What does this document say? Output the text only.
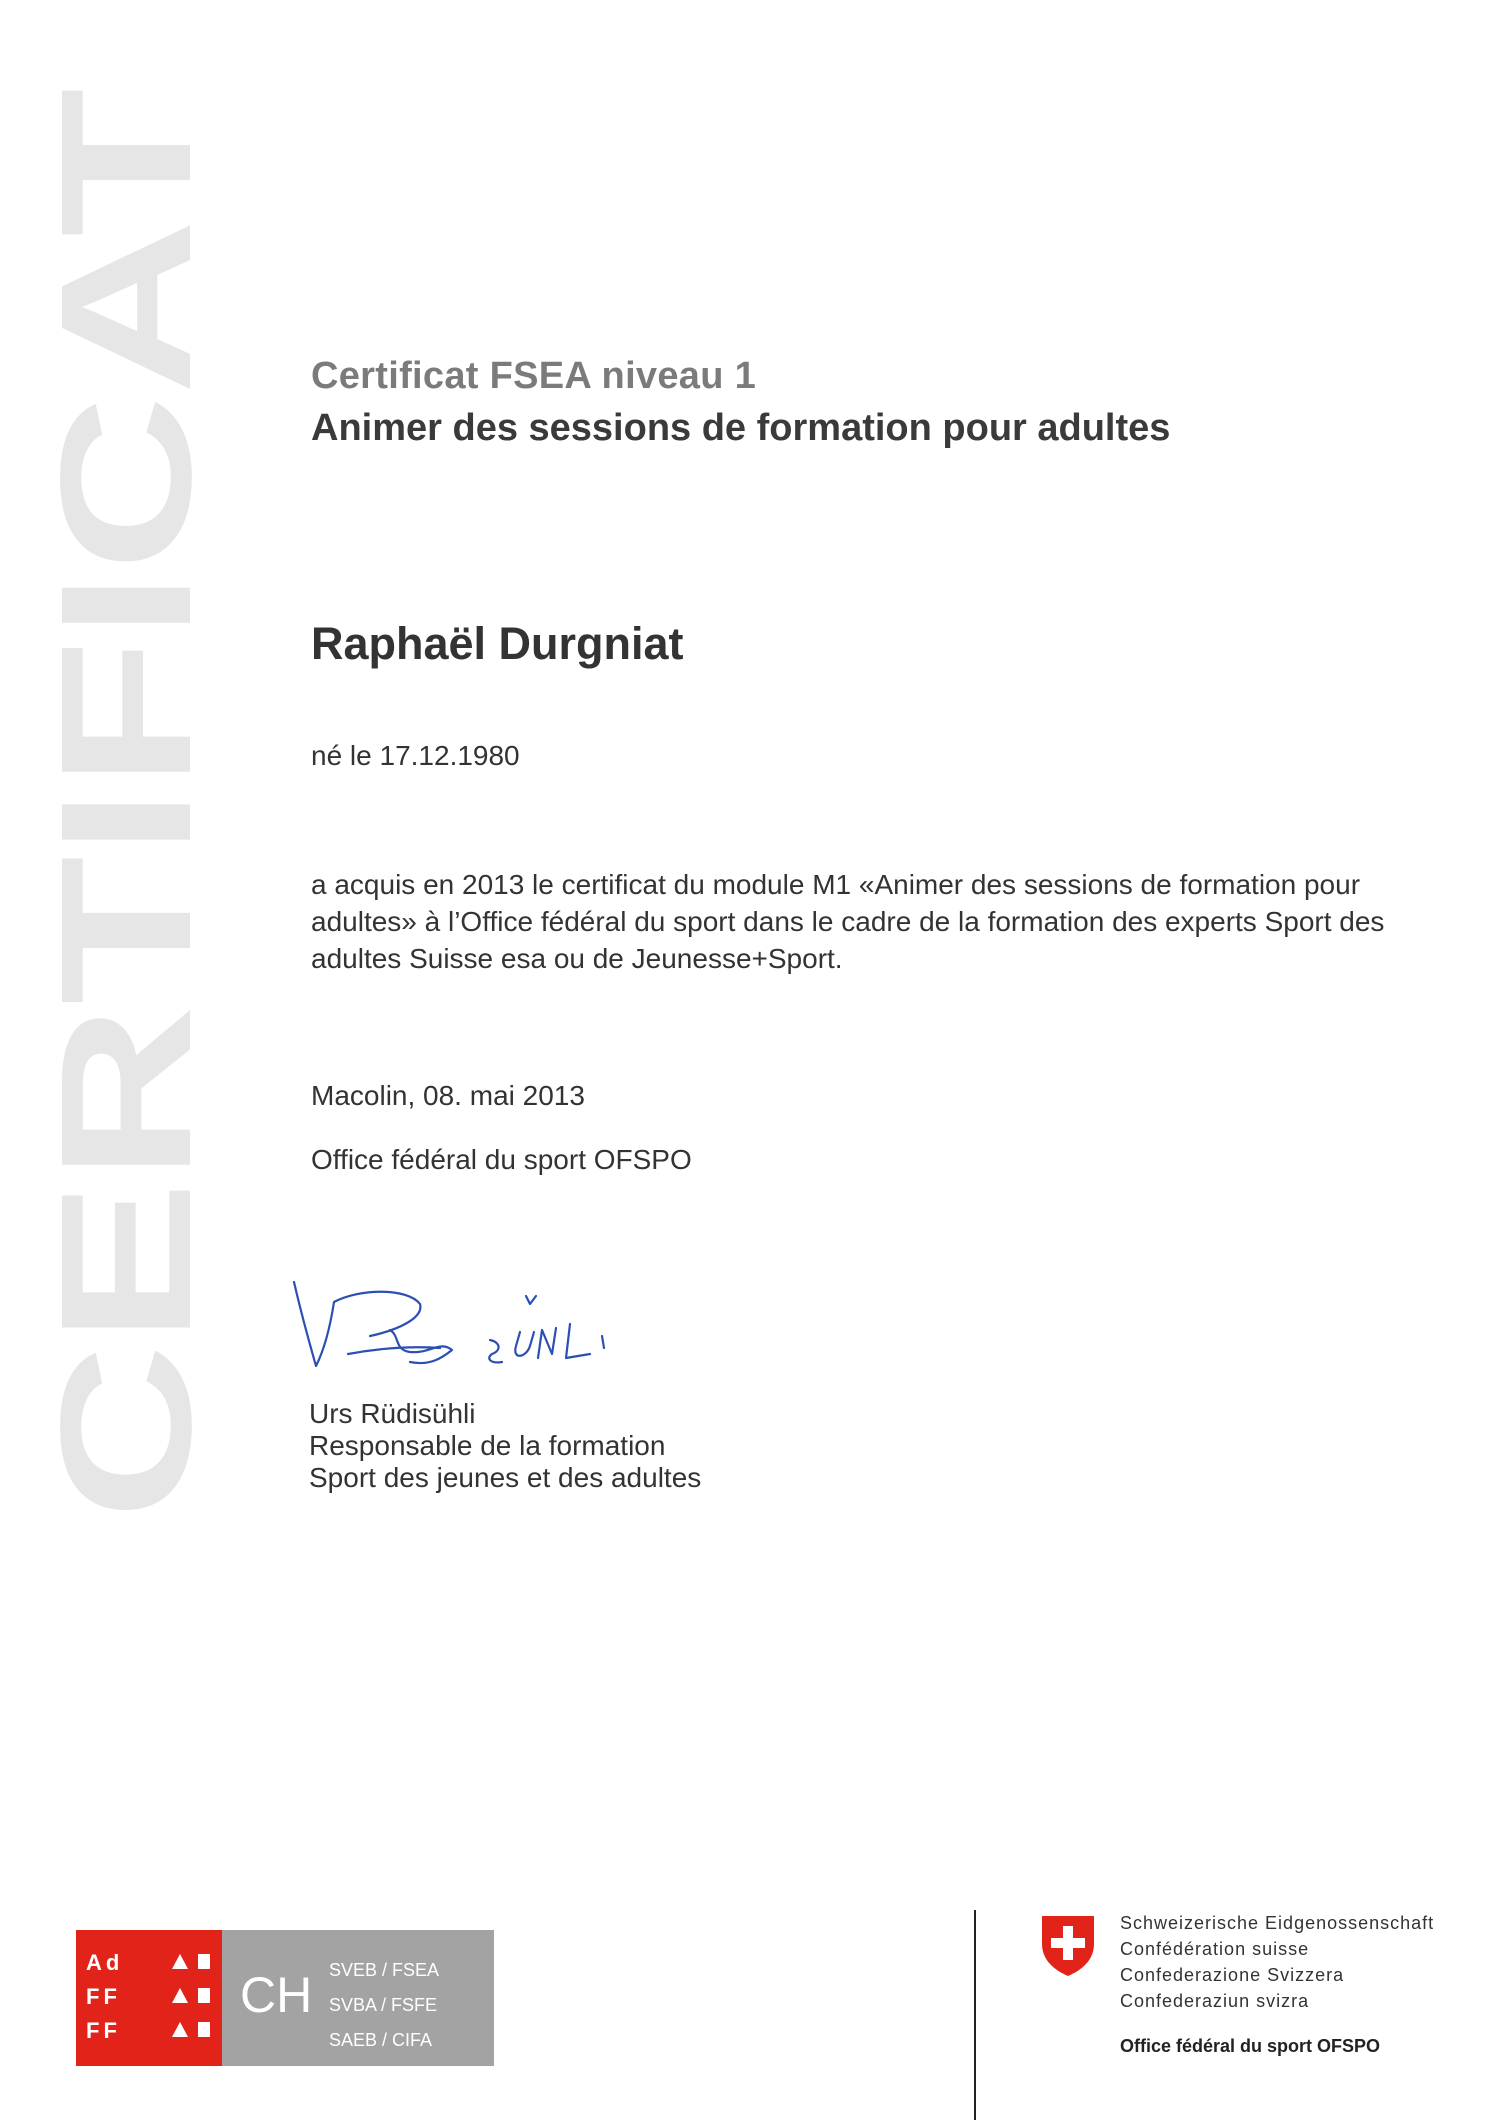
CERTIFICAT
Certificat FSEA niveau 1
Animer des sessions de formation pour adultes
Raphaël Durgniat
né le 17.12.1980
a acquis en 2013 le certificat du module M1 «Animer des sessions de formation pour
adultes» à l’Office fédéral du sport dans le cadre de la formation des experts Sport des
adultes Suisse esa ou de Jeunesse+Sport.
Macolin, 08. mai 2013
Office fédéral du sport OFSPO
Urs Rüdisühli
Responsable de la formation
Sport des jeunes et des adultes
Ad
FF
FF
CH SVEB / FSEA
SVBA / FSFE
SAEB / CIFA
Schweizerische Eidgenossenschaft
Confédération suisse
Confederazione Svizzera
Confederaziun svizra
Office fédéral du sport OFSPO
